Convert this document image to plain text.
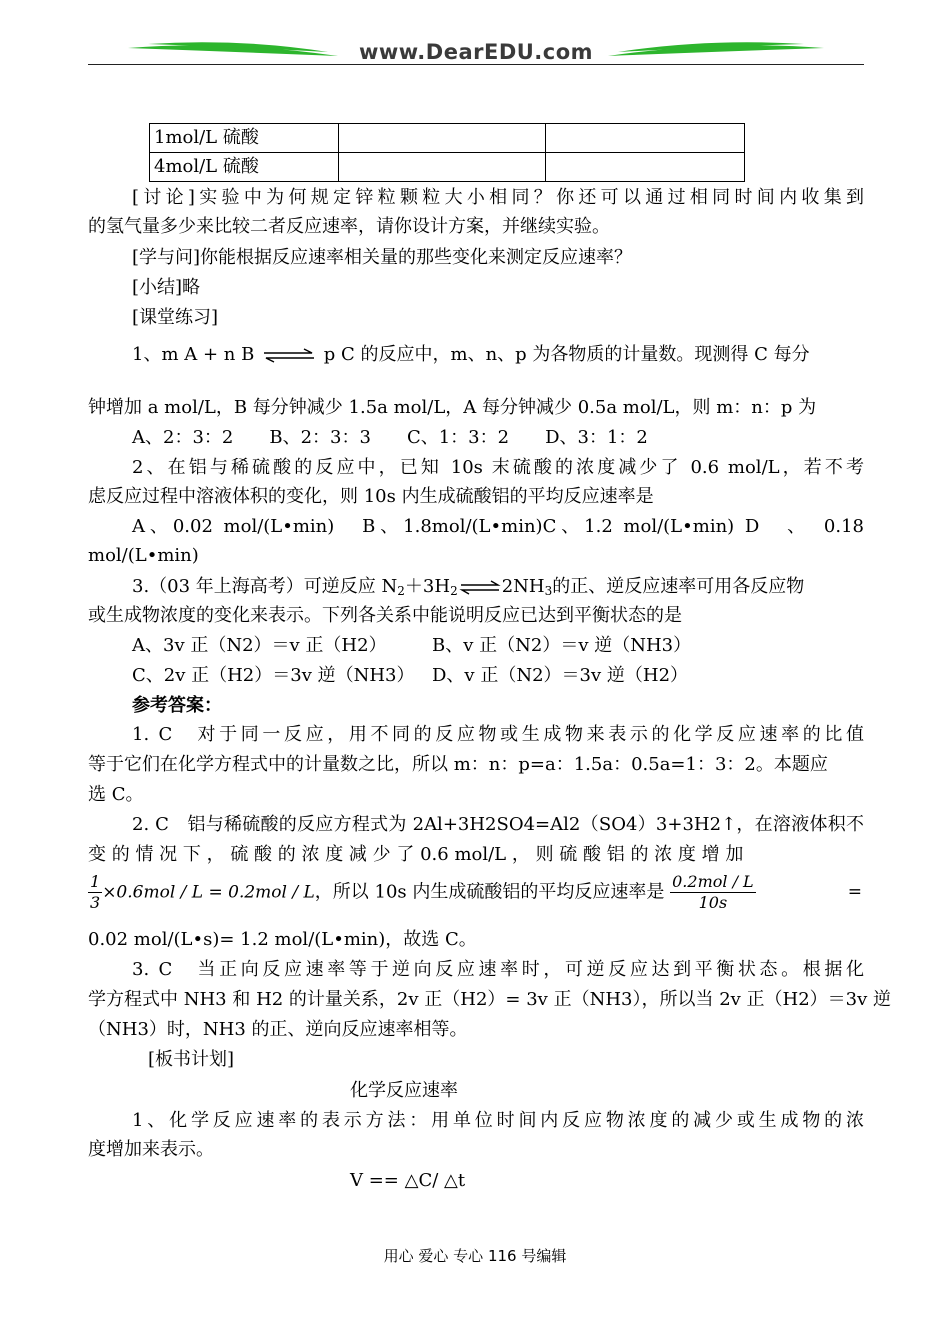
www.DearEDU.com
1mol/L 硫酸		
4mol/L 硫酸		
[讨论]实验中为何规定锌粒颗粒大小相同？你还可以通过相同时间内收集到
的氢气量多少来比较二者反应速率，请你设计方案，并继续实验。
[学与问]你能根据反应速率相关量的那些变化来测定反应速率？
[小结]略
[课堂练习]
1、m A + n B ⇌ p C 的反应中，m、n、p 为各物质的计量数。现测得 C 每分
钟增加 a mol/L，B 每分钟减少 1.5a mol/L，A 每分钟减少 0.5a mol/L，则 m：n：p 为
A、2：3：2　　B、2：3：3　　C、1：3：2　　D、3：1：2
2、在铝与稀硫酸的反应中，已知 10s 末硫酸的浓度减少了 0.6 mol/L，若不考
虑反应过程中溶液体积的变化，则 10s 内生成硫酸铝的平均反应速率是
A、0.02 mol/(L•min)　B、1.8mol/(L•min)C、1.2 mol/(L•min) D　、　0.18
mol/(L•min)
3.（03 年上海高考）可逆反应 $N_2+3H_2\rightleftharpoons 2NH_3$的正、逆反应速率可用各反应物
或生成物浓度的变化来表示。下列各关系中能说明反应已达到平衡状态的是
A、3v 正（N2）＝v 正（H2）	B、v 正（N2）＝v 逆（NH3）
C、2v 正（H2）＝3v 逆（NH3） D、v 正（N2）＝3v 逆（H2）
参考答案：
1. C　对于同一反应，用不同的反应物或生成物来表示的化学反应速率的比值
等于它们在化学方程式中的计量数之比，所以 m：n：p=a：1.5a：0.5a=1：3：2。本题应
选 C。
2. C　铝与稀硫酸的反应方程式为 2Al+3H2SO4=Al2（SO4）3+3H2↑，在溶液体积不
变 的 情 况 下 ， 硫 酸 的 浓 度 减 少 了 0.6 mol/L ， 则 硫 酸 铝 的 浓 度 增 加
$\frac{1}{3} \times 0.6mol / L = 0.2mol / L$，所以 10s 内生成硫酸铝的平均反应速率是 $\frac{\text{0.2mol / L}}{10s}$	=
0.02 mol/(L•s)= 1.2 mol/(L•min)，故选 C。
3. C　当正向反应速率等于逆向反应速率时，可逆反应达到平衡状态。根据化
学方程式中 NH3 和 H2 的计量关系，2v 正（H2）= 3v 正（NH3），所以当 2v 正（H2）＝3v 逆
（NH3）时，NH3 的正、逆向反应速率相等。
[板书计划]
化学反应速率
1、化学反应速率的表示方法：用单位时间内反应物浓度的减少或生成物的浓
度增加来表示。
V == △C/ △t
用心 爱心 专心 116 号编辑
